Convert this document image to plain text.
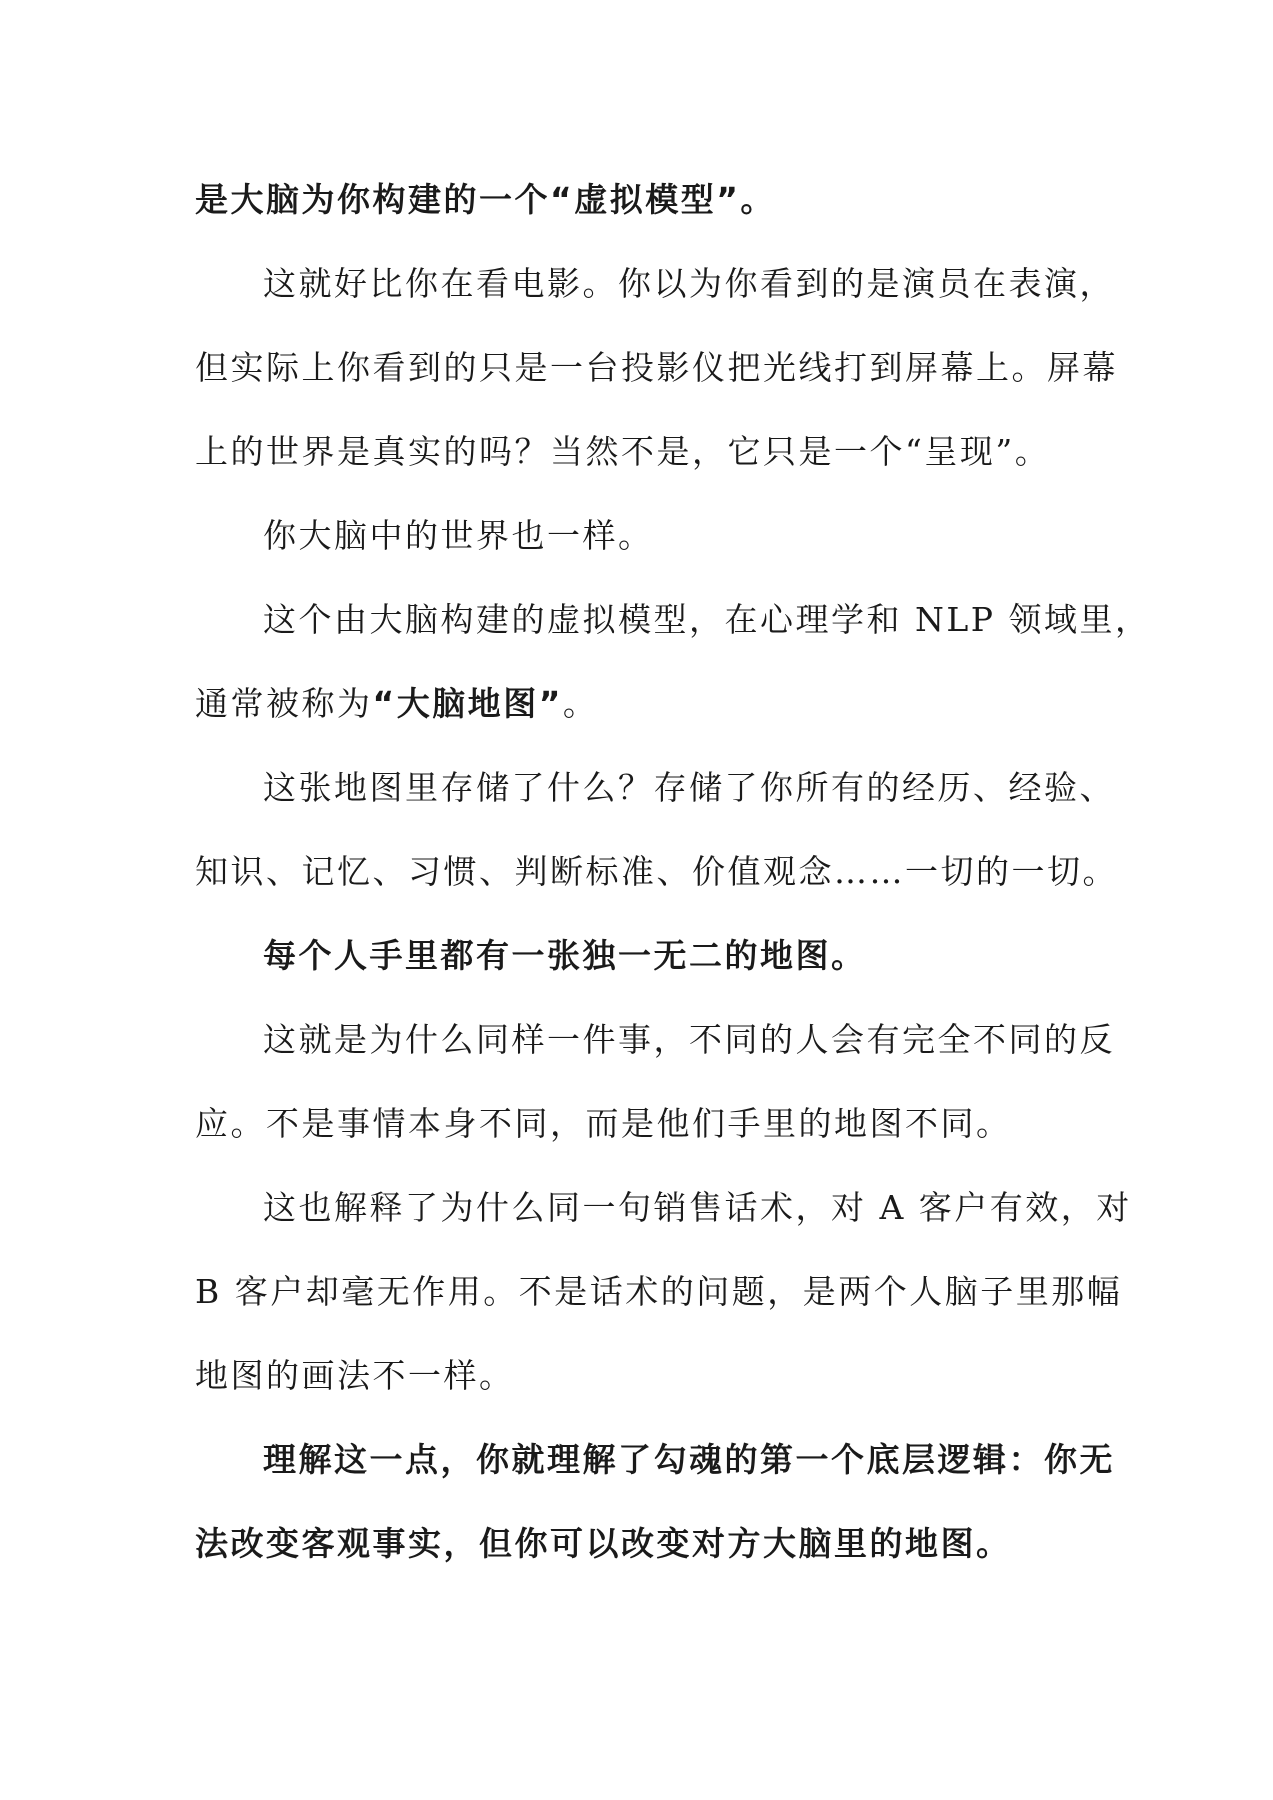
是大脑为你构建的一个“虚拟模型”。
这就好比你在看电影。你以为你看到的是演员在表演，
但实际上你看到的只是一台投影仪把光线打到屏幕上。屏幕
上的世界是真实的吗？当然不是，它只是一个“呈现”。
你大脑中的世界也一样。
这个由大脑构建的虚拟模型，在心理学和 NLP 领域里，
通常被称为“大脑地图”。
这张地图里存储了什么？存储了你所有的经历、经验、
知识、记忆、习惯、判断标准、价值观念……一切的一切。
每个人手里都有一张独一无二的地图。
这就是为什么同样一件事，不同的人会有完全不同的反
应。不是事情本身不同，而是他们手里的地图不同。
这也解释了为什么同一句销售话术，对 A 客户有效，对
B 客户却毫无作用。不是话术的问题，是两个人脑子里那幅
地图的画法不一样。
理解这一点，你就理解了勾魂的第一个底层逻辑：你无
法改变客观事实，但你可以改变对方大脑里的地图。
